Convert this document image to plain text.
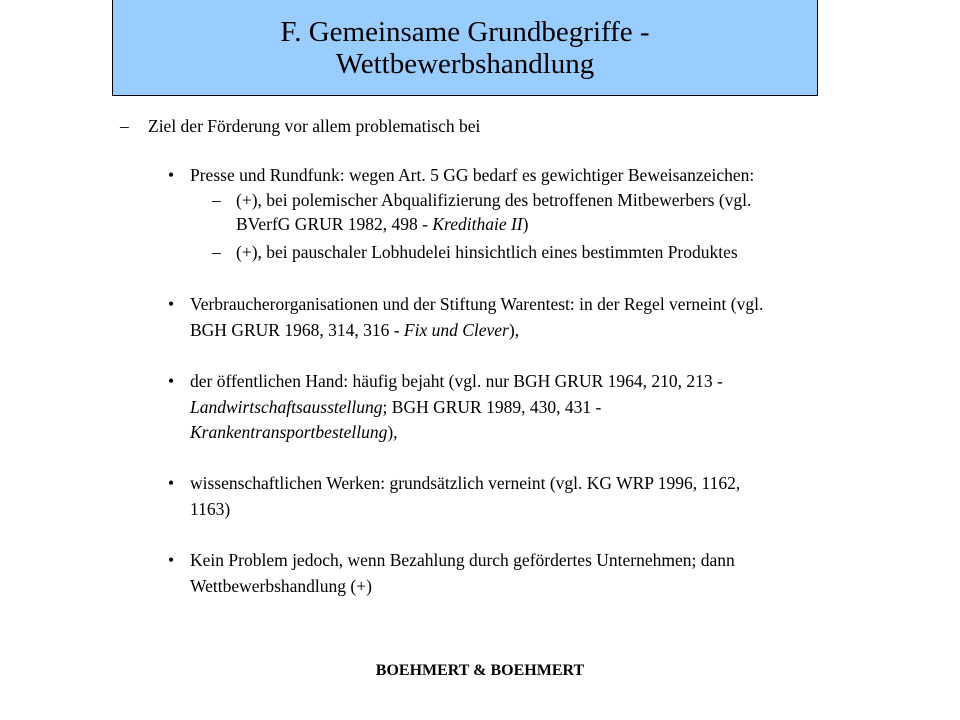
F. Gemeinsame Grundbegriffe -
Wettbewerbshandlung
– Ziel der Förderung vor allem problematisch bei
• Presse und Rundfunk: wegen Art. 5 GG bedarf es gewichtiger Beweisanzeichen:
– (+), bei polemischer Abqualifizierung des betroffenen Mitbewerbers (vgl.
BVerfG GRUR 1982, 498 - Kredithaie II)
– (+), bei pauschaler Lobhudelei hinsichtlich eines bestimmten Produktes
• Verbraucherorganisationen und der Stiftung Warentest: in der Regel verneint (vgl.
BGH GRUR 1968, 314, 316 - Fix und Clever),
• der öffentlichen Hand: häufig bejaht (vgl. nur BGH GRUR 1964, 210, 213 -
Landwirtschaftsausstellung; BGH GRUR 1989, 430, 431 -
Krankentransportbestellung),
• wissenschaftlichen Werken: grundsätzlich verneint (vgl. KG WRP 1996, 1162,
1163)
• Kein Problem jedoch, wenn Bezahlung durch gefördertes Unternehmen; dann
Wettbewerbshandlung (+)
BOEHMERT & BOEHMERT
